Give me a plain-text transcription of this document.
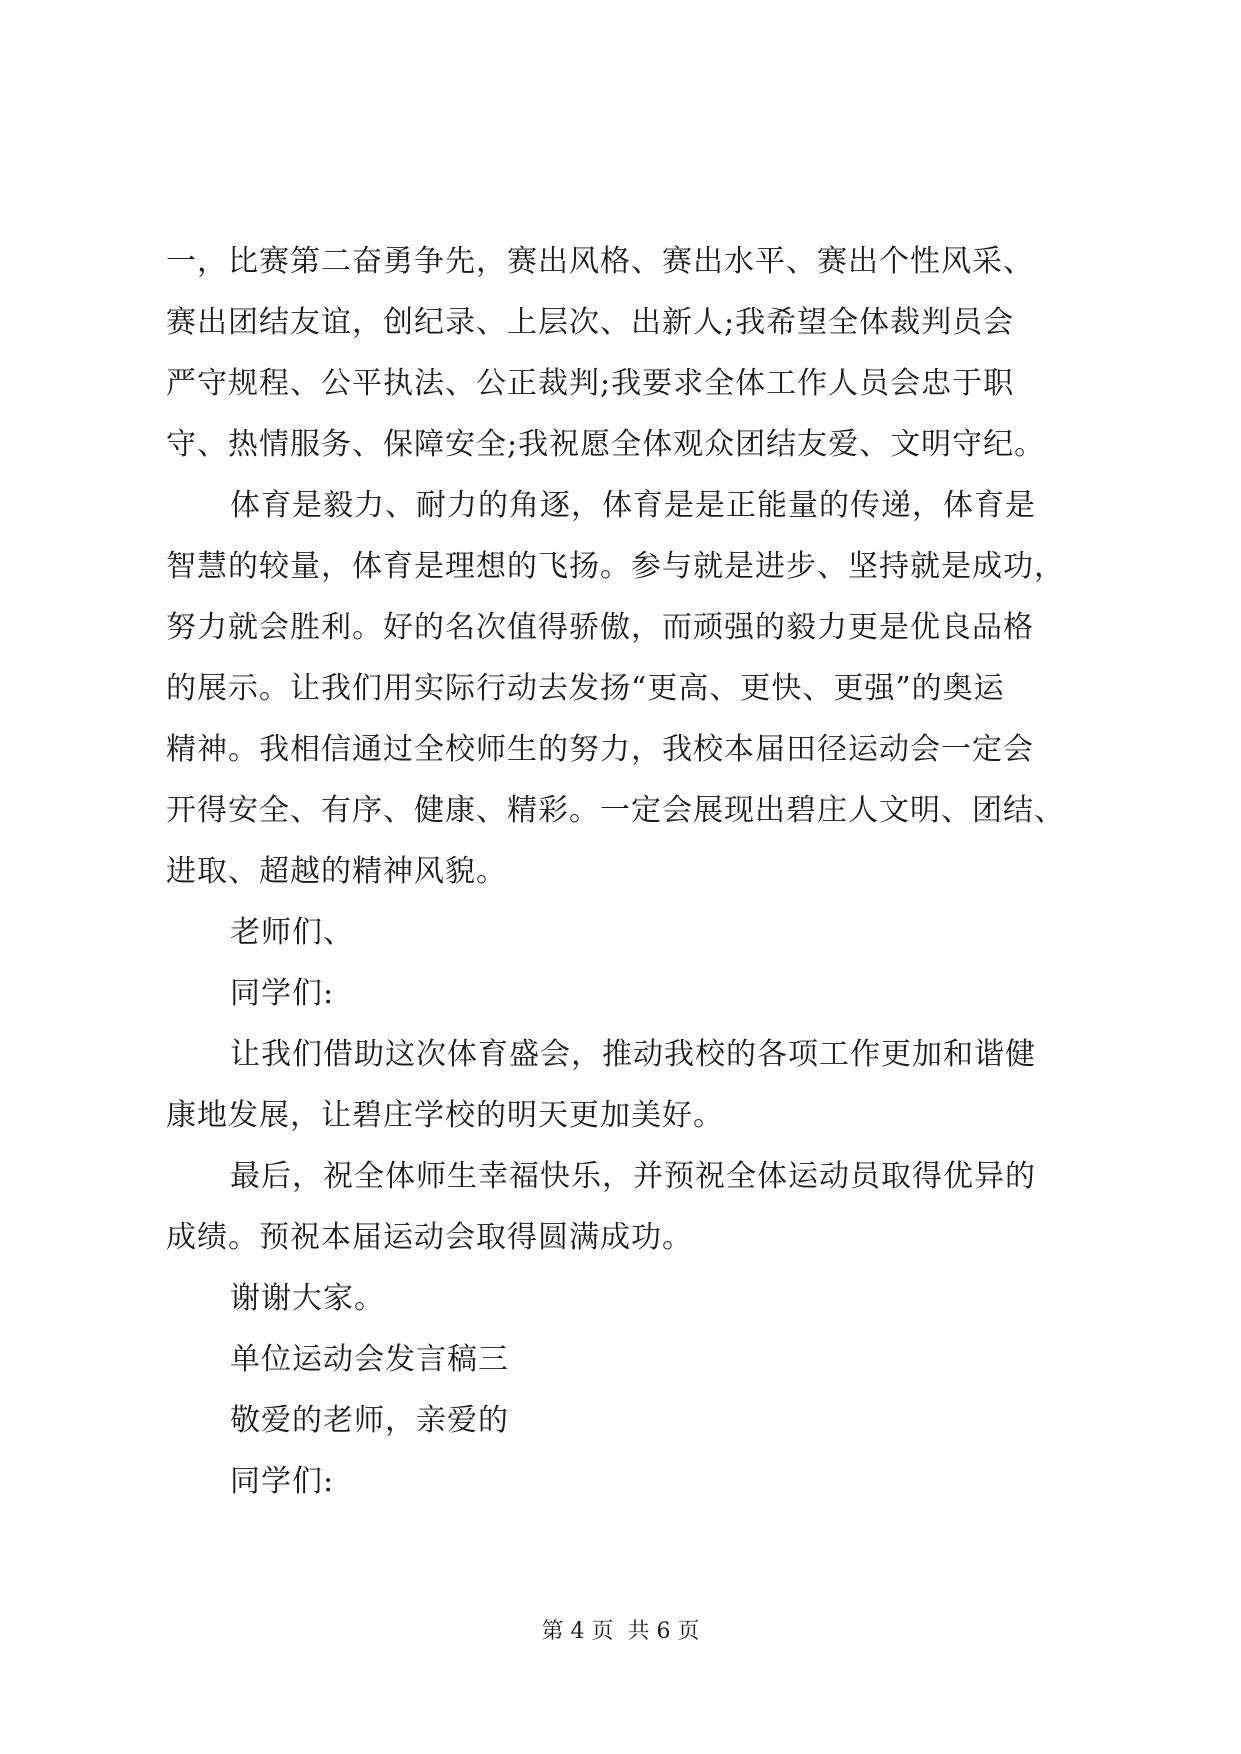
一，比赛第二奋勇争先，赛出风格、赛出水平、赛出个性风采、
赛出团结友谊，创纪录、上层次、出新人;我希望全体裁判员会
严守规程、公平执法、公正裁判;我要求全体工作人员会忠于职
守、热情服务、保障安全;我祝愿全体观众团结友爱、文明守纪。
体育是毅力、耐力的角逐，体育是是正能量的传递，体育是
智慧的较量，体育是理想的飞扬。参与就是进步、坚持就是成功，
努力就会胜利。好的名次值得骄傲，而顽强的毅力更是优良品格
的展示。让我们用实际行动去发扬“更高、更快、更强”的奥运
精神。我相信通过全校师生的努力，我校本届田径运动会一定会
开得安全、有序、健康、精彩。一定会展现出碧庄人文明、团结、
进取、超越的精神风貌。
老师们、
同学们:
让我们借助这次体育盛会，推动我校的各项工作更加和谐健
康地发展，让碧庄学校的明天更加美好。
最后，祝全体师生幸福快乐，并预祝全体运动员取得优异的
成绩。预祝本届运动会取得圆满成功。
谢谢大家。
单位运动会发言稿三
敬爱的老师，亲爱的
同学们:
第 4 页  共 6 页
